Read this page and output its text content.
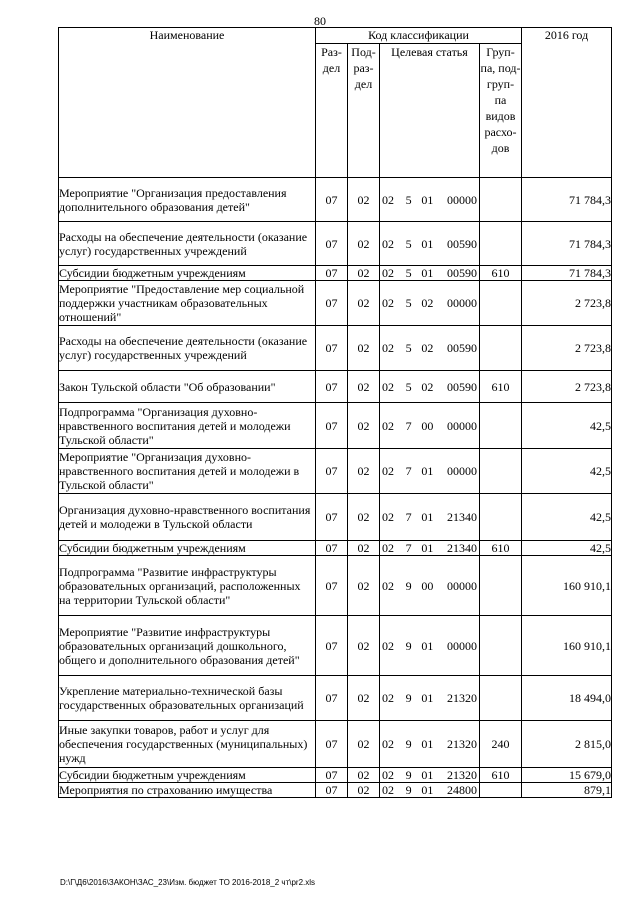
80
Наименование	Код классификации				2016 год
	Раз- дел	Под- раз- дел	Целевая статья	Груп- па, под- груп- па видов расхо- дов	
Мероприятие "Организация предоставления дополнительного образования детей"	07	02	02 5 01 00000		71 784,3
Расходы на обеспечение деятельности (оказание услуг) государственных учреждений	07	02	02 5 01 00590		71 784,3
Субсидии бюджетным учреждениям	07	02	02 5 01 00590	610	71 784,3
Мероприятие "Предоставление мер социальной поддержки участникам образовательных отношений"	07	02	02 5 02 00000		2 723,8
Расходы на обеспечение деятельности (оказание услуг) государственных учреждений	07	02	02 5 02 00590		2 723,8
Закон Тульской области "Об образовании"	07	02	02 5 02 00590	610	2 723,8
Подпрограмма "Организация духовно-нравственного воспитания детей и молодежи Тульской области"	07	02	02 7 00 00000		42,5
Мероприятие "Организация духовно-нравственного воспитания детей и молодежи в Тульской области"	07	02	02 7 01 00000		42,5
Организация духовно-нравственного воспитания детей и молодежи в Тульской области	07	02	02 7 01 21340		42,5
Субсидии бюджетным учреждениям	07	02	02 7 01 21340	610	42,5
Подпрограмма "Развитие инфраструктуры образовательных организаций, расположенных на территории Тульской области"	07	02	02 9 00 00000		160 910,1
Мероприятие "Развитие инфраструктуры образовательных организаций дошкольного, общего и дополнительного образования детей"	07	02	02 9 01 00000		160 910,1
Укрепление материально-технической базы государственных образовательных организаций	07	02	02 9 01 21320		18 494,0
Иные закупки товаров, работ и услуг для обеспечения государственных (муниципальных) нужд	07	02	02 9 01 21320	240	2 815,0
Субсидии бюджетным учреждениям	07	02	02 9 01 21320	610	15 679,0
Мероприятия по страхованию имущества	07	02	02 9 01 24800		879,1
D:\Г\Д6\2016\ЗАКОН\ЗАС_23\Изм. бюджет ТО 2016-2018_2 чт\pr2.xls
